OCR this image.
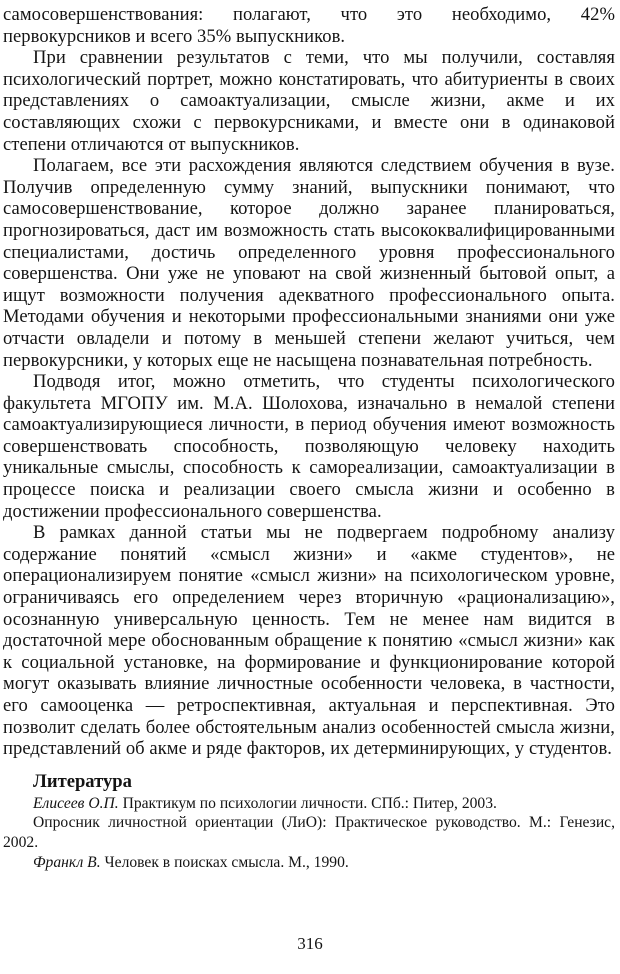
самосовершенствования: полагают, что это необходимо, 42% первокурсников и всего 35% выпускников.

При сравнении результатов с теми, что мы получили, составляя психологический портрет, можно констатировать, что абитуриенты в своих представлениях о самоактуализации, смысле жизни, акме и их составляющих схожи с первокурсниками, и вместе они в одинаковой степени отличаются от выпускников.

Полагаем, все эти расхождения являются следствием обучения в вузе. Получив определенную сумму знаний, выпускники понимают, что самосовершенствование, которое должно заранее планироваться, прогнозироваться, даст им возможность стать высококвалифицированными специалистами, достичь определенного уровня профессионального совершенства. Они уже не уповают на свой жизненный бытовой опыт, а ищут возможности получения адекватного профессионального опыта. Методами обучения и некоторыми профессиональными знаниями они уже отчасти овладели и потому в меньшей степени желают учиться, чем первокурсники, у которых еще не насыщена познавательная потребность.

Подводя итог, можно отметить, что студенты психологического факультета МГОПУ им. М.А. Шолохова, изначально в немалой степени самоактуализирующиеся личности, в период обучения имеют возможность совершенствовать способность, позволяющую человеку находить уникальные смыслы, способность к самореализации, самоактуализации в процессе поиска и реализации своего смысла жизни и особенно в достижении профессионального совершенства.

В рамках данной статьи мы не подвергаем подробному анализу содержание понятий «смысл жизни» и «акме студентов», не операционализируем понятие «смысл жизни» на психологическом уровне, ограничиваясь его определением через вторичную «рационализацию», осознанную универсальную ценность. Тем не менее нам видится в достаточной мере обоснованным обращение к понятию «смысл жизни» как к социальной установке, на формирование и функционирование которой могут оказывать влияние личностные особенности человека, в частности, его самооценка — ретроспективная, актуальная и перспективная. Это позволит сделать более обстоятельным анализ особенностей смысла жизни, представлений об акме и ряде факторов, их детерминирующих, у студентов.

Литература

Елисеев О.П. Практикум по психологии личности. СПб.: Питер, 2003.

Опросник личностной ориентации (ЛиО): Практическое руководство. М.: Генезис, 2002.

Франкл В. Человек в поисках смысла. М., 1990.

316
